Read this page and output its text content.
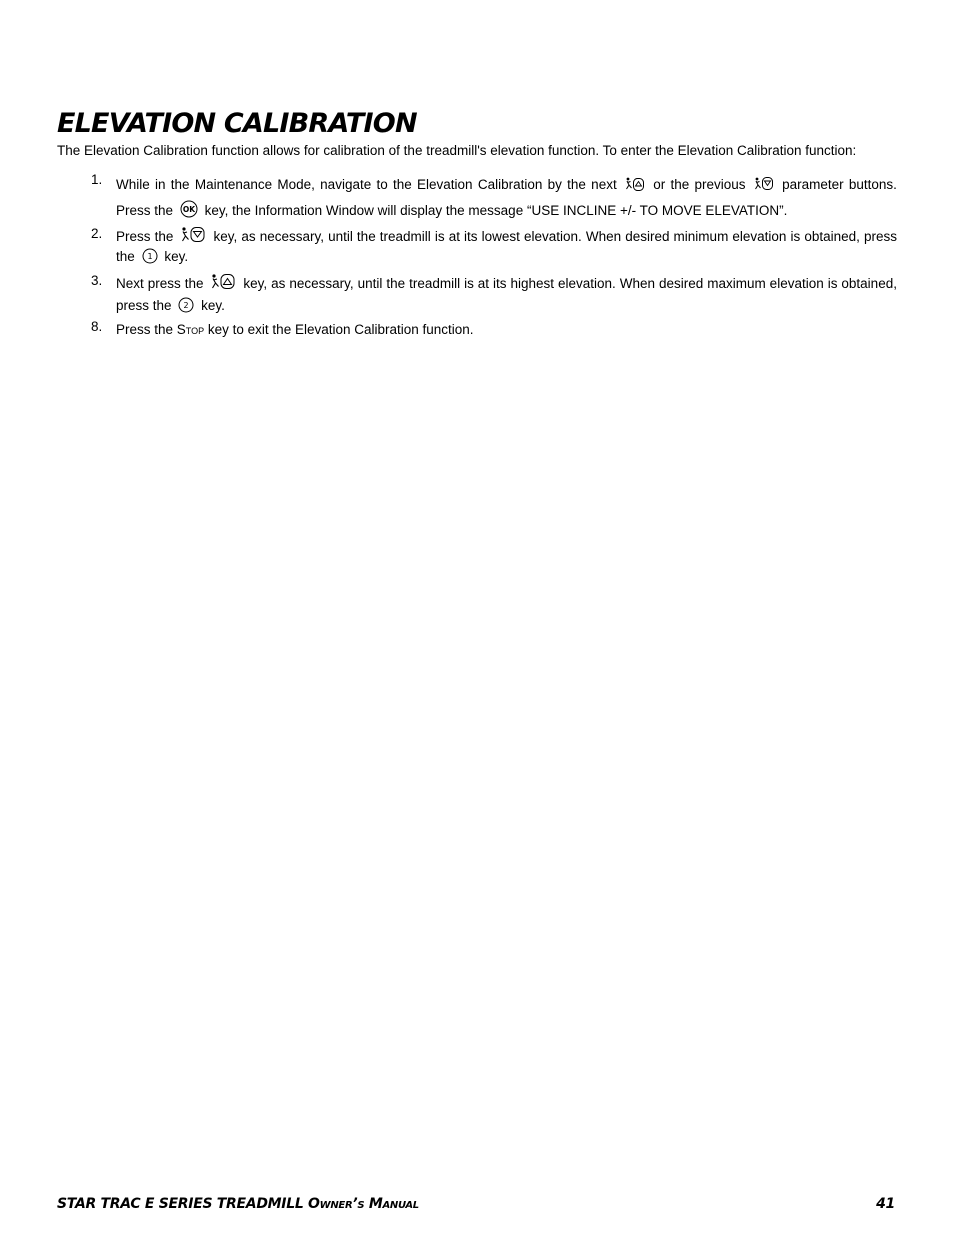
ELEVATION CALIBRATION

The Elevation Calibration function allows for calibration of the treadmill's elevation function. To enter the Elevation Calibration function:

1. While in the Maintenance Mode, navigate to the Elevation Calibration by the next	or the previous	parameter buttons. Press the OK key, the Information Window will display the message “USE INCLINE +/- TO MOVE ELEVATION”.
2. Press the	key, as necessary, until the treadmill is at its lowest elevation. When desired minimum elevation is obtained, press the 1 key.
3. Next press the	key, as necessary, until the treadmill is at its highest elevation. When desired maximum elevation is obtained, press the 2 key.
8. Press the Stop key to exit the Elevation Calibration function.
STAR TRAC E SERIES TREADMILL Owner’s Manual	41
